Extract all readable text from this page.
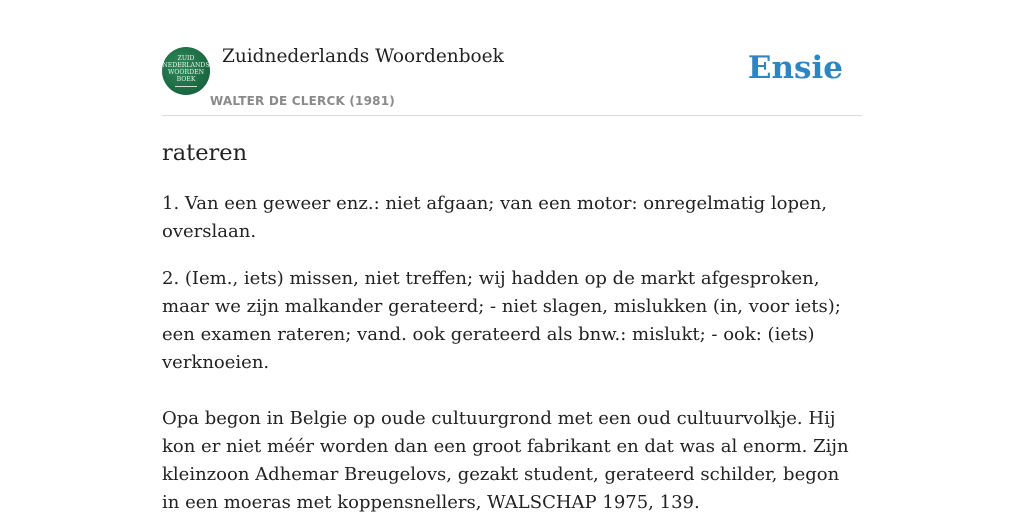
ZUID
NEDERLANDS
WOORDEN
BOEK
Zuidnederlands Woordenboek
WALTER DE CLERCK (1981)
Ensie
rateren

1. Van een geweer enz.: niet afgaan; van een motor: onregelmatig lopen, overslaan.

2. (Iem., iets) missen, niet treffen; wij hadden op de markt afgesproken, maar we zijn malkander gerateerd; - niet slagen, mislukken (in, voor iets); een examen rateren; vand. ook gerateerd als bnw.: mislukt; - ook: (iets) verknoeien.

Opa begon in Belgie op oude cultuurgrond met een oud cultuurvolkje. Hij kon er niet méér worden dan een groot fabrikant en dat was al enorm. Zijn kleinzoon Adhemar Breugelovs, gezakt student, gerateerd schilder, begon in een moeras met koppensnellers, WALSCHAP 1975, 139.
